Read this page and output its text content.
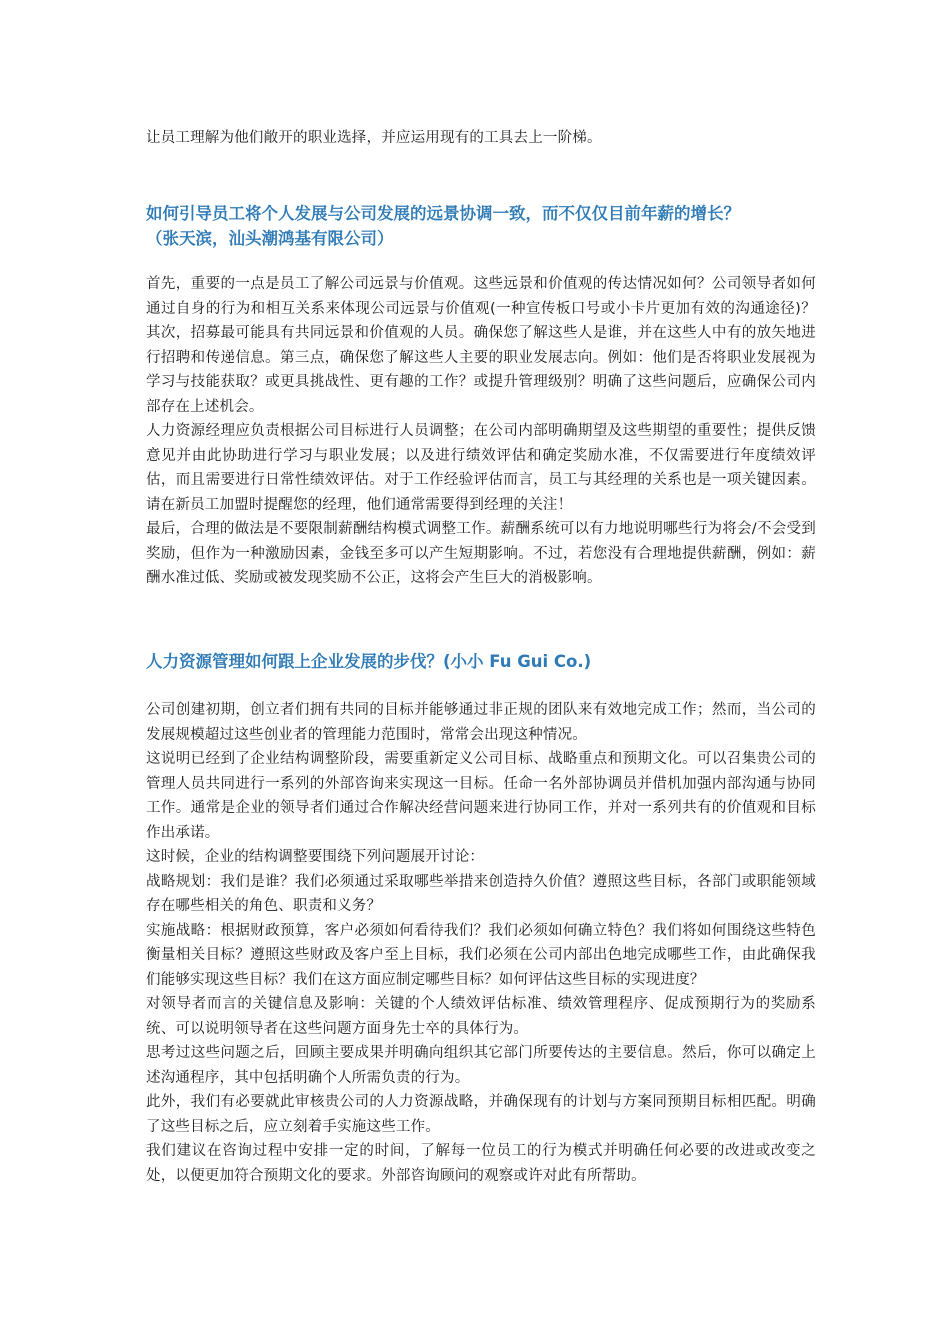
让员工理解为他们敞开的职业选择，并应运用现有的工具去上一阶梯。

如何引导员工将个人发展与公司发展的远景协调一致，而不仅仅目前年薪的增长？

（张天滨，汕头潮鸿基有限公司）

首先，重要的一点是员工了解公司远景与价值观。这些远景和价值观的传达情况如何？公司领导者如何通过自身的行为和相互关系来体现公司远景与价值观(一种宣传板口号或小卡片更加有效的沟通途径)？其次，招募最可能具有共同远景和价值观的人员。确保您了解这些人是谁，并在这些人中有的放矢地进行招聘和传递信息。第三点，确保您了解这些人主要的职业发展志向。例如：他们是否将职业发展视为学习与技能获取？或更具挑战性、更有趣的工作？或提升管理级别？明确了这些问题后，应确保公司内部存在上述机会。

人力资源经理应负责根据公司目标进行人员调整；在公司内部明确期望及这些期望的重要性；提供反馈意见并由此协助进行学习与职业发展；以及进行绩效评估和确定奖励水准，不仅需要进行年度绩效评估，而且需要进行日常性绩效评估。对于工作经验评估而言，员工与其经理的关系也是一项关键因素。请在新员工加盟时提醒您的经理，他们通常需要得到经理的关注！

最后，合理的做法是不要限制薪酬结构模式调整工作。薪酬系统可以有力地说明哪些行为将会/不会受到奖励，但作为一种激励因素，金钱至多可以产生短期影响。不过，若您没有合理地提供薪酬，例如：薪酬水准过低、奖励或被发现奖励不公正，这将会产生巨大的消极影响。

人力资源管理如何跟上企业发展的步伐？(小小 Fu Gui Co.)

公司创建初期，创立者们拥有共同的目标并能够通过非正规的团队来有效地完成工作；然而，当公司的发展规模超过这些创业者的管理能力范围时，常常会出现这种情况。

这说明已经到了企业结构调整阶段，需要重新定义公司目标、战略重点和预期文化。可以召集贵公司的管理人员共同进行一系列的外部咨询来实现这一目标。任命一名外部协调员并借机加强内部沟通与协同工作。通常是企业的领导者们通过合作解决经营问题来进行协同工作，并对一系列共有的价值观和目标作出承诺。

这时候，企业的结构调整要围绕下列问题展开讨论：

战略规划：我们是谁？我们必须通过采取哪些举措来创造持久价值？遵照这些目标，各部门或职能领域存在哪些相关的角色、职责和义务？

实施战略：根据财政预算，客户必须如何看待我们？我们必须如何确立特色？我们将如何围绕这些特色衡量相关目标？遵照这些财政及客户至上目标，我们必须在公司内部出色地完成哪些工作，由此确保我们能够实现这些目标？我们在这方面应制定哪些目标？如何评估这些目标的实现进度？

对领导者而言的关键信息及影响：关键的个人绩效评估标准、绩效管理程序、促成预期行为的奖励系统、可以说明领导者在这些问题方面身先士卒的具体行为。

思考过这些问题之后，回顾主要成果并明确向组织其它部门所要传达的主要信息。然后，你可以确定上述沟通程序，其中包括明确个人所需负责的行为。

此外，我们有必要就此审核贵公司的人力资源战略，并确保现有的计划与方案同预期目标相匹配。明确了这些目标之后，应立刻着手实施这些工作。

我们建议在咨询过程中安排一定的时间，了解每一位员工的行为模式并明确任何必要的改进或改变之处，以便更加符合预期文化的要求。外部咨询顾问的观察或许对此有所帮助。
